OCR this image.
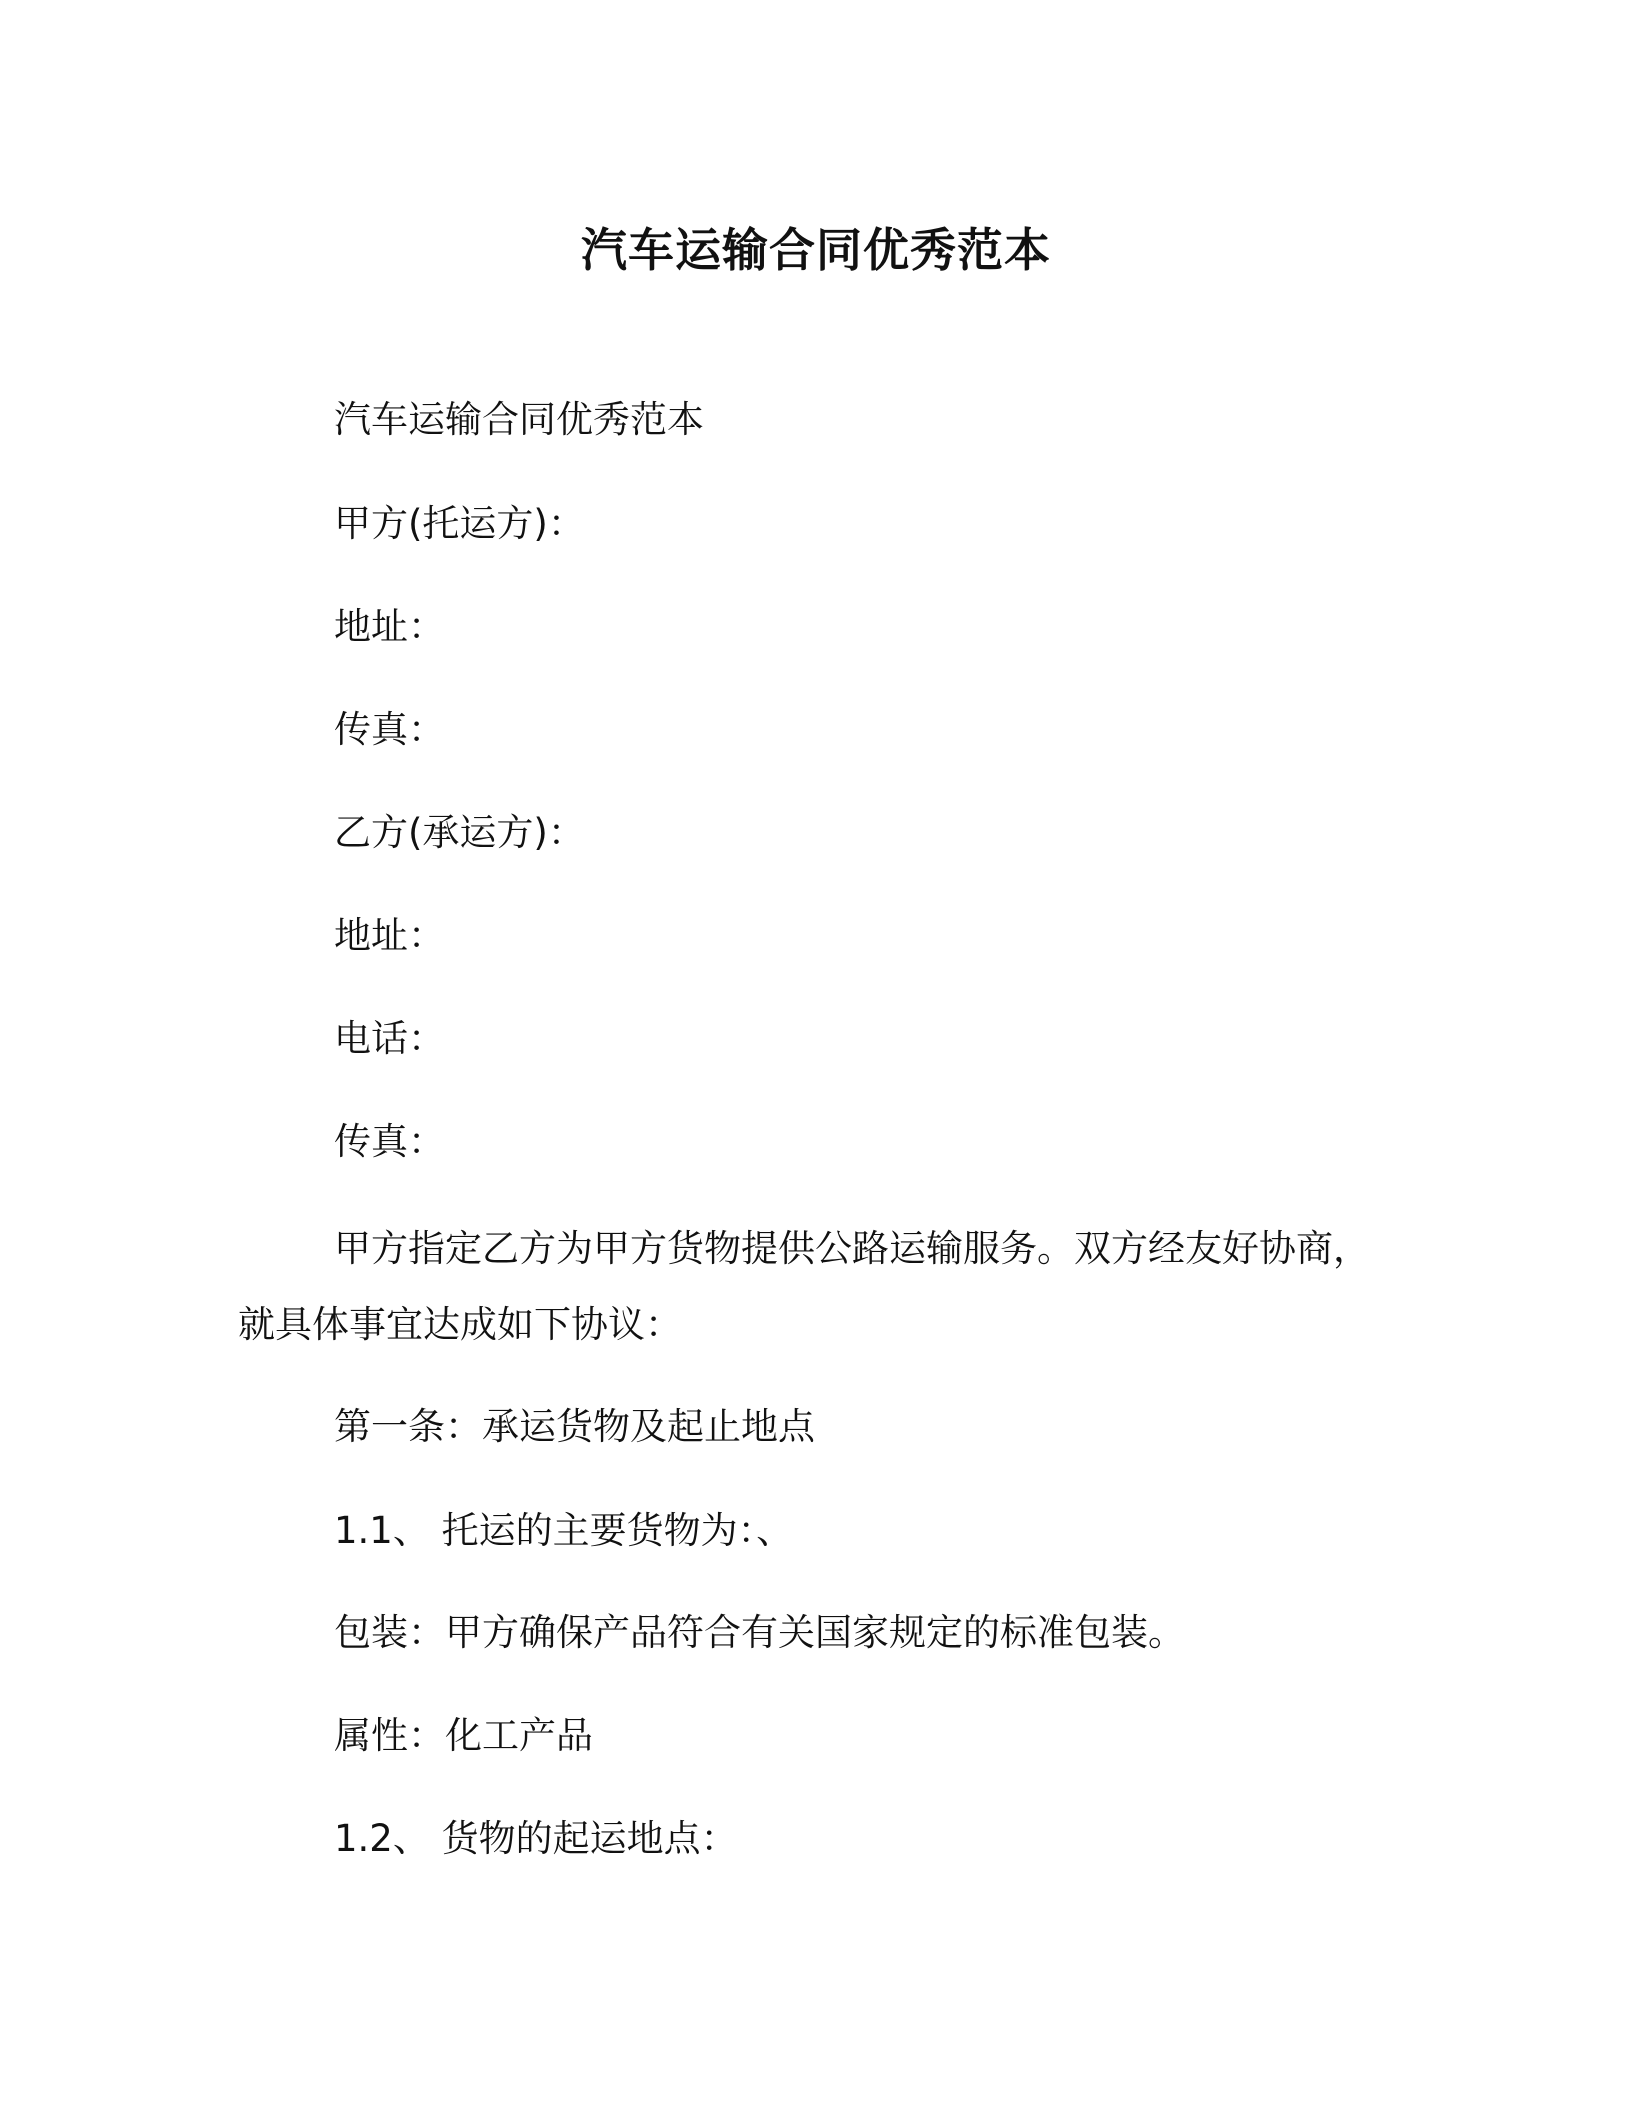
汽车运输合同优秀范本
汽车运输合同优秀范本
甲方(托运方)：
地址：
传真：
乙方(承运方)：
地址：
电话：
传真：
甲方指定乙方为甲方货物提供公路运输服务。双方经友好协商，
就具体事宜达成如下协议：
第一条：承运货物及起止地点
1.1、 托运的主要货物为：、
包装：甲方确保产品符合有关国家规定的标准包装。
属性：化工产品
1.2、 货物的起运地点：
